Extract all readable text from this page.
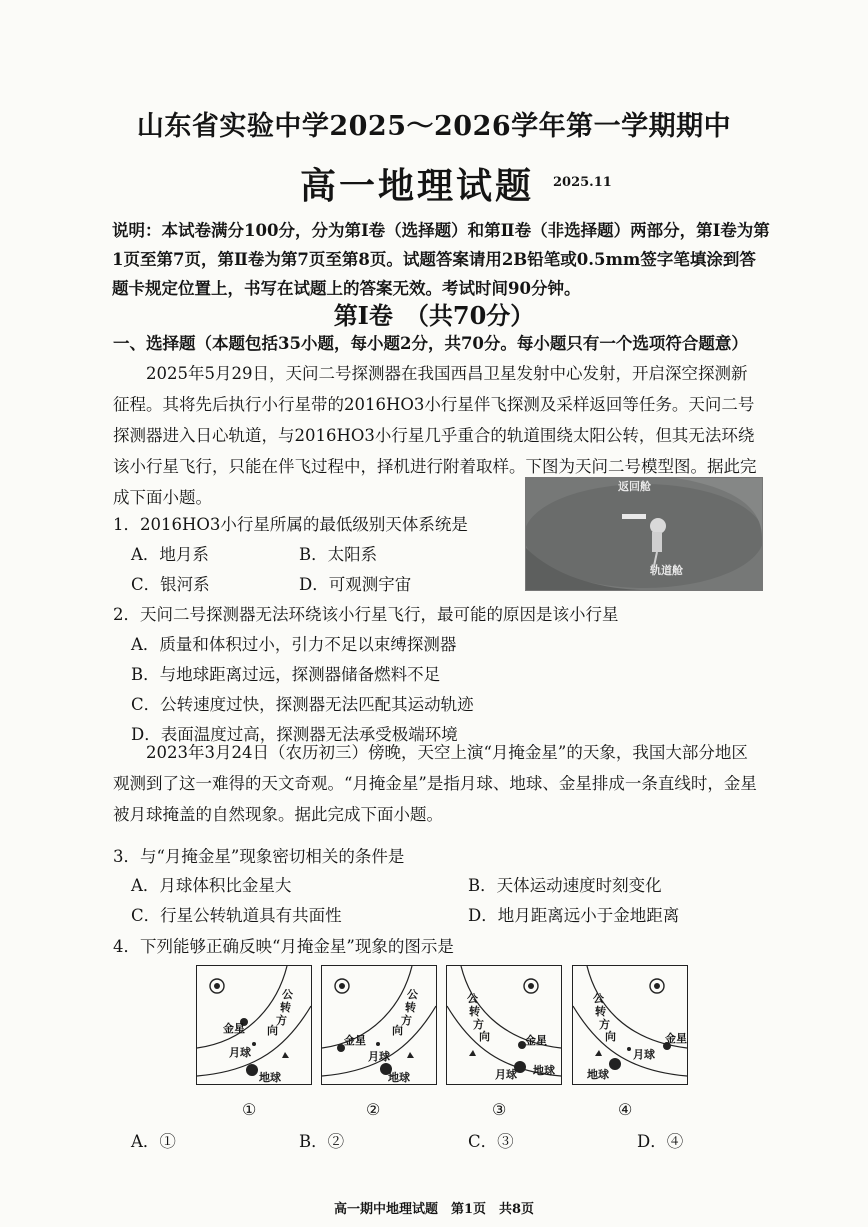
山东省实验中学2025～2026学年第一学期期中
高一地理试题 2025.11
说明：本试卷满分100分，分为第Ⅰ卷（选择题）和第Ⅱ卷（非选择题）两部分，第Ⅰ卷为第1页至第7页，第Ⅱ卷为第7页至第8页。试题答案请用2B铅笔或0.5mm签字笔填涂到答题卡规定位置上，书写在试题上的答案无效。考试时间90分钟。
第Ⅰ卷　（共70分）
一、选择题（本题包括35小题，每小题2分，共70分。每小题只有一个选项符合题意）
2025年5月29日，天问二号探测器在我国西昌卫星发射中心发射，开启深空探测新征程。其将先后执行小行星带的2016HO3小行星伴飞探测及采样返回等任务。天问二号探测器进入日心轨道，与2016HO3小行星几乎重合的轨道围绕太阳公转，但其无法环绕该小行星飞行，只能在伴飞过程中，择机进行附着取样。下图为天问二号模型图。据此完成下面小题。
返回舱
轨道舱
1．2016HO3小行星所属的最低级别天体系统是
A．地月系	B．太阳系
C．银河系	D．可观测宇宙
2．天问二号探测器无法环绕该小行星飞行，最可能的原因是该小行星
A．质量和体积过小，引力不足以束缚探测器
B．与地球距离过远，探测器储备燃料不足
C．公转速度过快，探测器无法匹配其运动轨迹
D．表面温度过高，探测器无法承受极端环境
2023年3月24日（农历初三）傍晚，天空上演“月掩金星”的天象，我国大部分地区观测到了这一难得的天文奇观。“月掩金星”是指月球、地球、金星排成一条直线时，金星被月球掩盖的自然现象。据此完成下面小题。
3．与“月掩金星”现象密切相关的条件是
A．月球体积比金星大	B．天体运动速度时刻变化
C．行星公转轨道具有共面性	D．地月距离远小于金地距离
4．下列能够正确反映“月掩金星”现象的图示是
金星
月球
地球
公
转
方
向
金星
月球
地球
公
转
方
向
金星
月球 地球
公
转
方
向	金星
月球
地球
公
转
方
向
①	②	③	④
A．①	B．②	C．③	D．④
高一期中地理试题　第1页　共8页
